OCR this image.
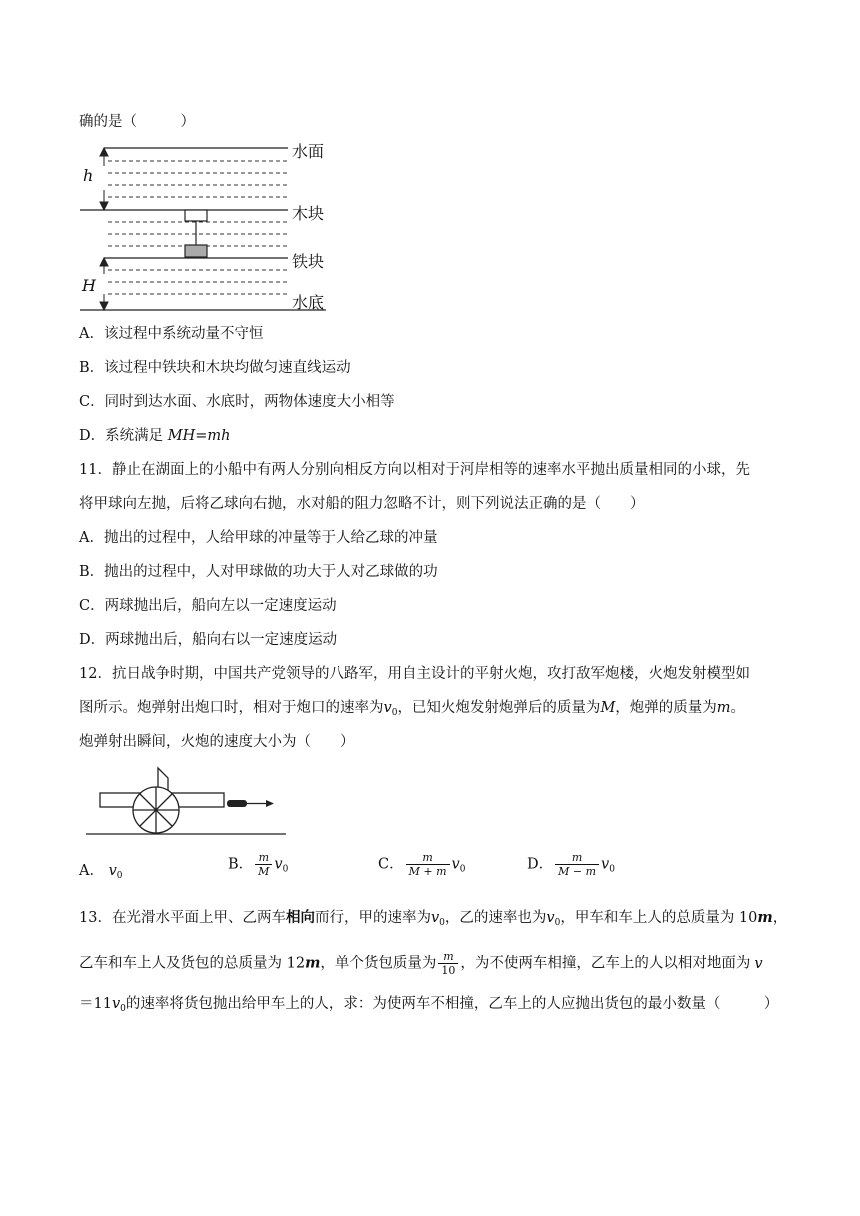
确的是（　　　）
h
H
水面
木块
铁块
水底
A．该过程中系统动量不守恒
B．该过程中铁块和木块均做匀速直线运动
C．同时到达水面、水底时，两物体速度大小相等
D．系统满足 MH=mh
11．静止在湖面上的小船中有两人分别向相反方向以相对于河岸相等的速率水平抛出质量相同的小球，先
将甲球向左抛，后将乙球向右抛，水对船的阻力忽略不计，则下列说法正确的是（　　）
A．抛出的过程中，人给甲球的冲量等于人给乙球的冲量
B．抛出的过程中，人对甲球做的功大于人对乙球做的功
C．两球抛出后，船向左以一定速度运动
D．两球抛出后，船向右以一定速度运动
12．抗日战争时期，中国共产党领导的八路军，用自主设计的平射火炮，攻打敌军炮楼，火炮发射模型如
图所示。炮弹射出炮口时，相对于炮口的速率为$v_0$，已知火炮发射炮弹后的质量为M，炮弹的质量为m。
炮弹射出瞬间，火炮的速度大小为（　　）
A． $v_0$
B． $\frac{m}{M} v_0$	C． $\frac{m}{M + m} v_0$	D． $\frac{m}{M - m} v_0$
13．在光滑水平面上甲、乙两车相向而行，甲的速率为$v_0$，乙的速率也为$v_0$，甲车和车上人的总质量为 10m，
乙车和车上人及货包的总质量为 12m，单个货包质量为 $\frac{m}{10}$ ，为不使两车相撞，乙车上的人以相对地面为 v
$=11v_0$的速率将货包抛出给甲车上的人，求：为使两车不相撞，乙车上的人应抛出货包的最小数量（　　　）
